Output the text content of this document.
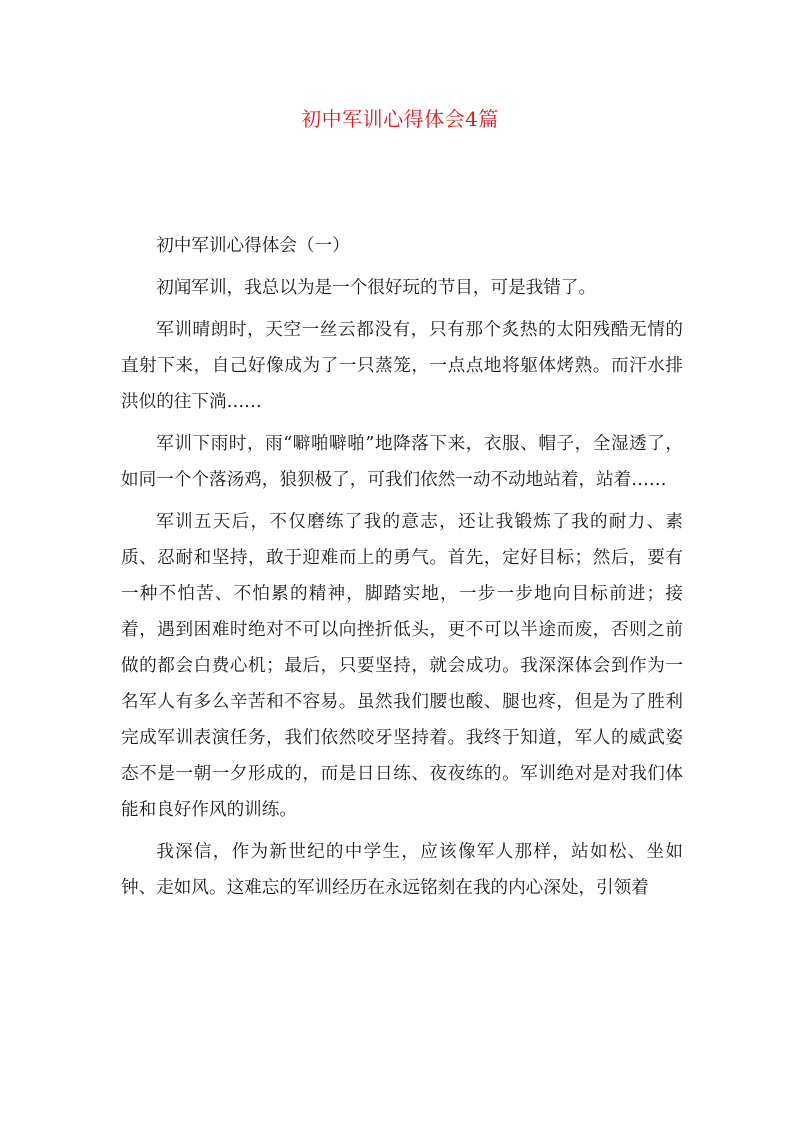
初中军训心得体会4篇

初中军训心得体会（一）

初闻军训，我总以为是一个很好玩的节目，可是我错了。

军训晴朗时，天空一丝云都没有，只有那个炙热的太阳残酷无情的直射下来，自己好像成为了一只蒸笼，一点点地将躯体烤熟。而汗水排洪似的往下淌……

军训下雨时，雨“噼啪噼啪”地降落下来，衣服、帽子，全湿透了，如同一个个落汤鸡，狼狈极了，可我们依然一动不动地站着，站着……

军训五天后，不仅磨练了我的意志，还让我锻炼了我的耐力、素质、忍耐和坚持，敢于迎难而上的勇气。首先，定好目标；然后，要有一种不怕苦、不怕累的精神，脚踏实地，一步一步地向目标前进；接着，遇到困难时绝对不可以向挫折低头，更不可以半途而废，否则之前做的都会白费心机；最后，只要坚持，就会成功。我深深体会到作为一名军人有多么辛苦和不容易。虽然我们腰也酸、腿也疼，但是为了胜利完成军训表演任务，我们依然咬牙坚持着。我终于知道，军人的威武姿态不是一朝一夕形成的，而是日日练、夜夜练的。军训绝对是对我们体能和良好作风的训练。

我深信，作为新世纪的中学生，应该像军人那样，站如松、坐如钟、走如风。这难忘的军训经历在永远铭刻在我的内心深处，引领着
